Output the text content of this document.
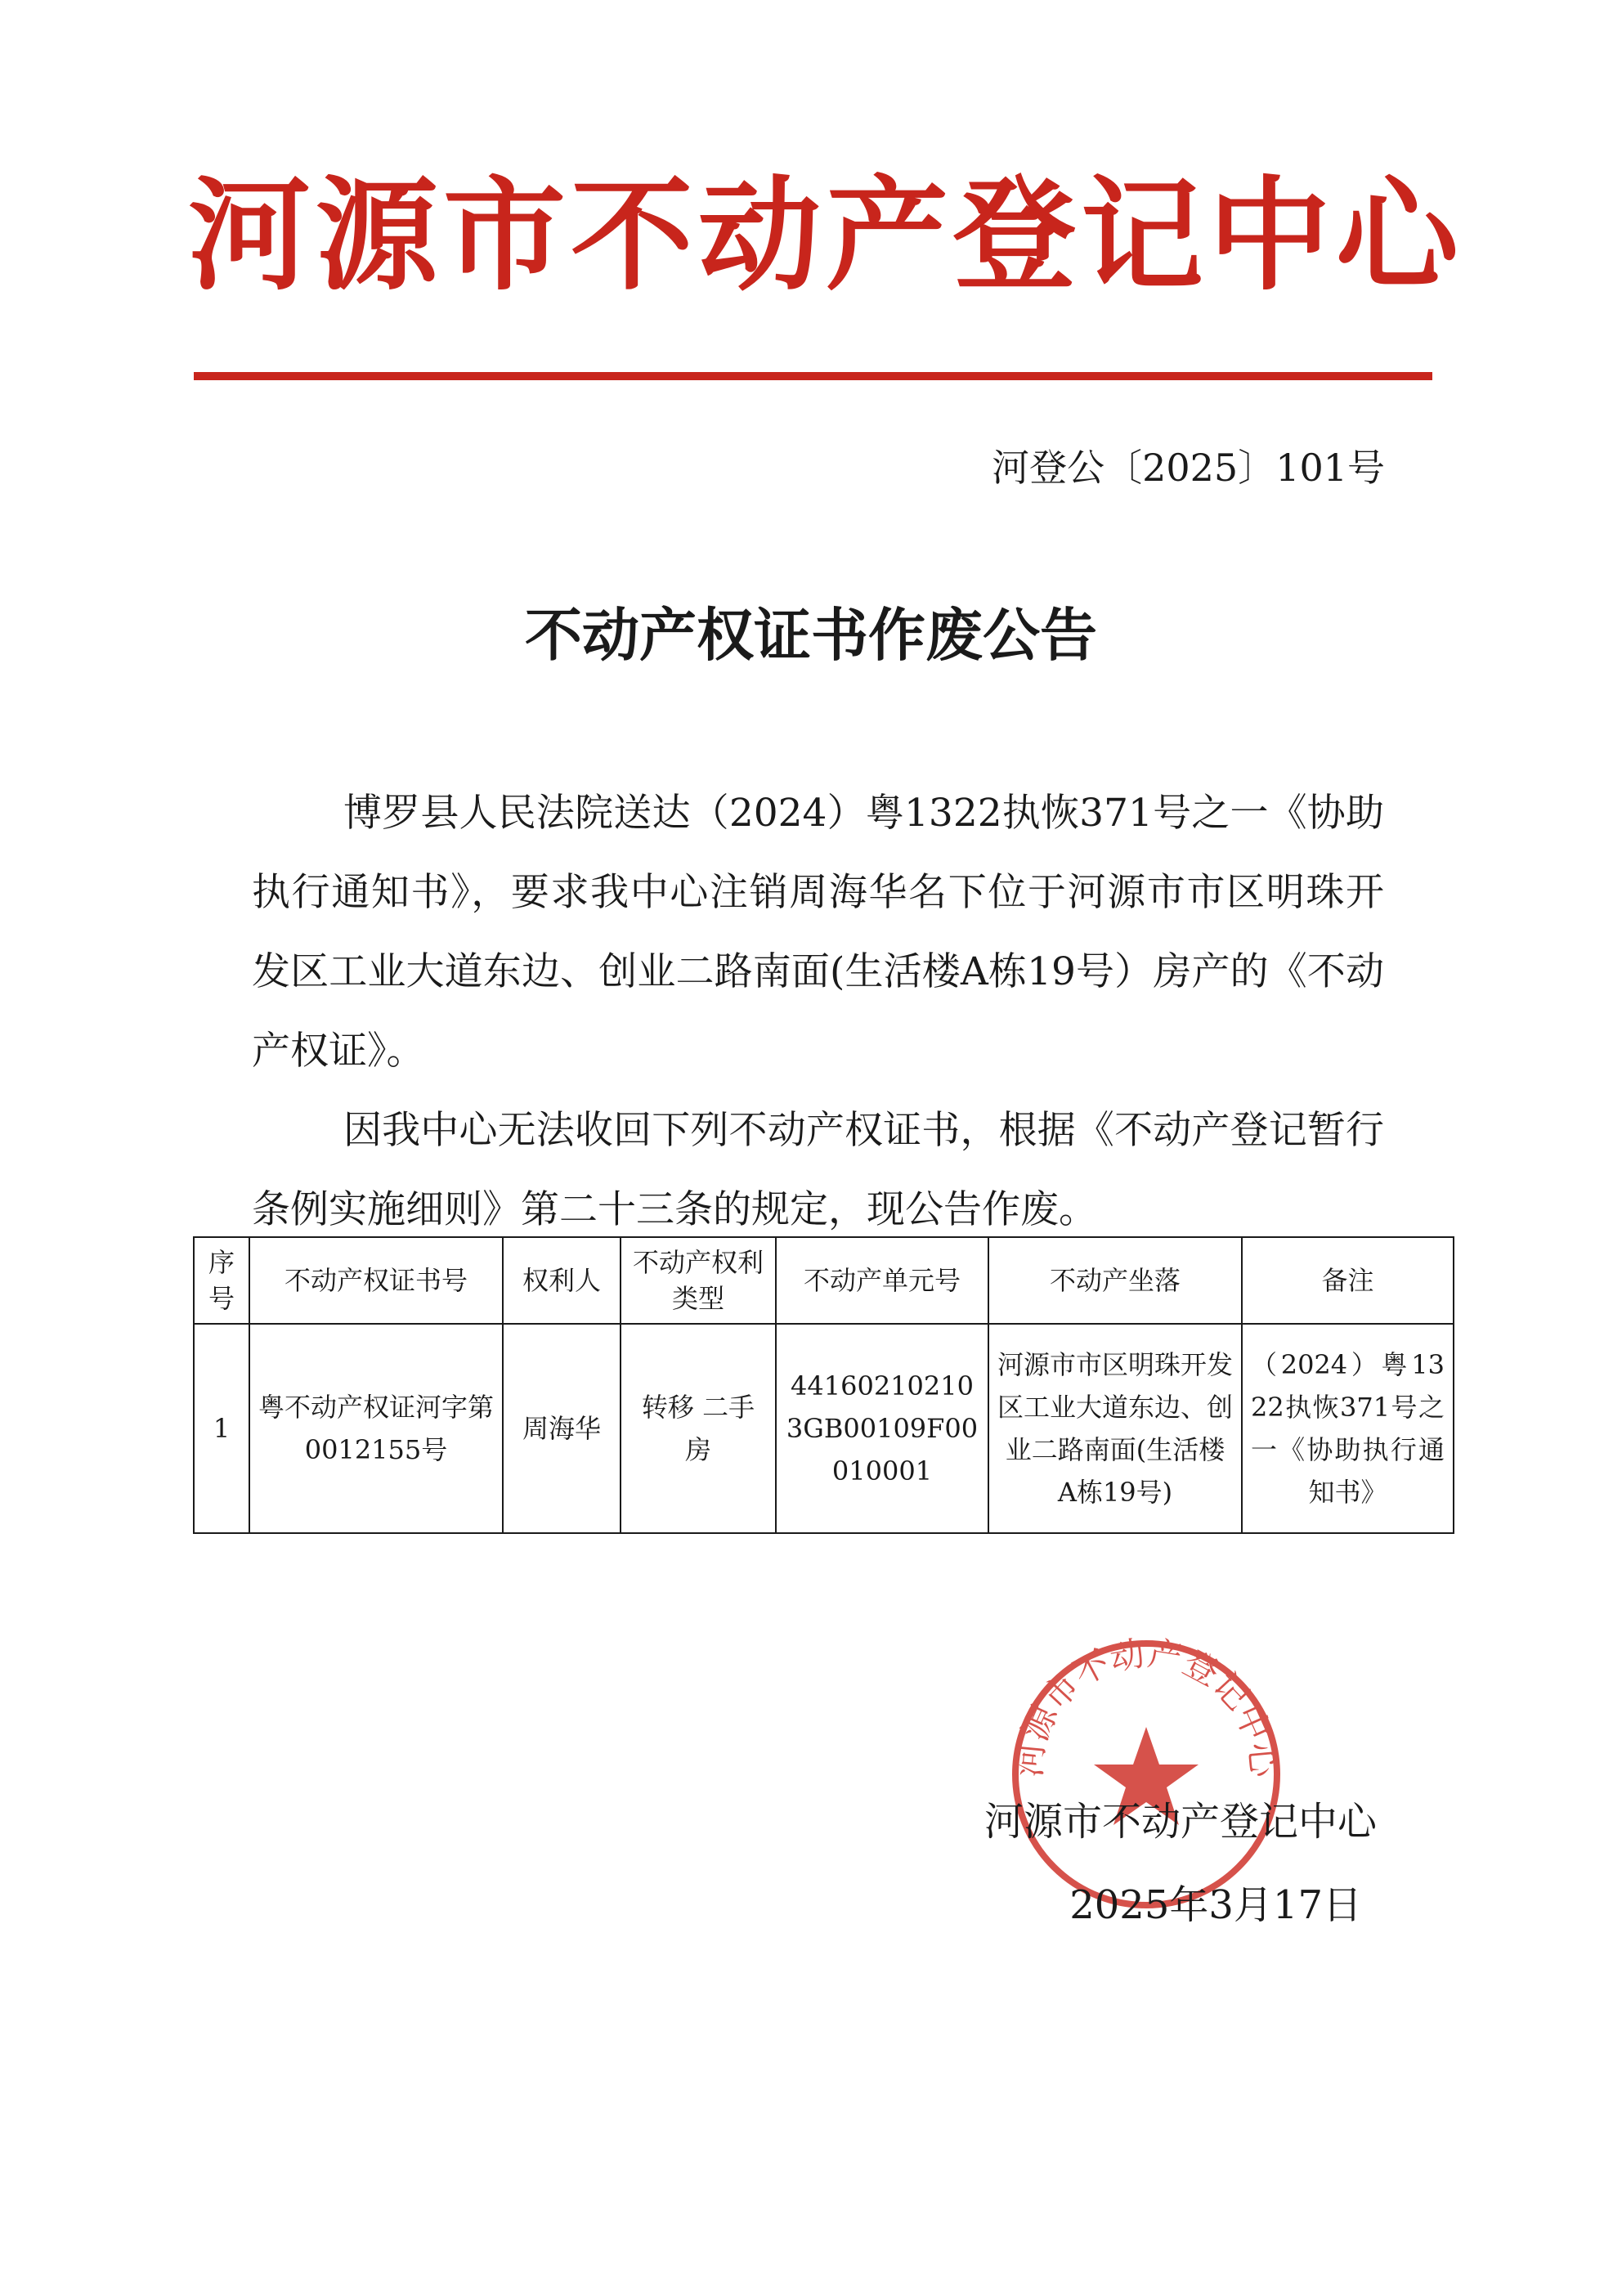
河源市不动产登记中心
河登公〔2025〕101号
不动产权证书作废公告

博罗县人民法院送达（2024）粤1322执恢371号之一《协助执行通知书》，要求我中心注销周海华名下位于河源市市区明珠开发区工业大道东边、创业二路南面(生活楼A栋19号）房产的《不动产权证》。

因我中心无法收回下列不动产权证书，根据《不动产登记暂行条例实施细则》第二十三条的规定，现公告作废。

序号	不动产权证书号	权利人	不动产权利类型	不动产单元号	不动产坐落	备注
1	粤不动产权证河字第0012155号	周海华	转移 二手房	441602102103GB00109F00010001	河源市市区明珠开发区工业大道东边、创业二路南面(生活楼A栋19号)	（2024）粤1322执恢371号之一《协助执行通知书》
河源市不动产登记中心
河源市不动产登记中心
2025年3月17日
